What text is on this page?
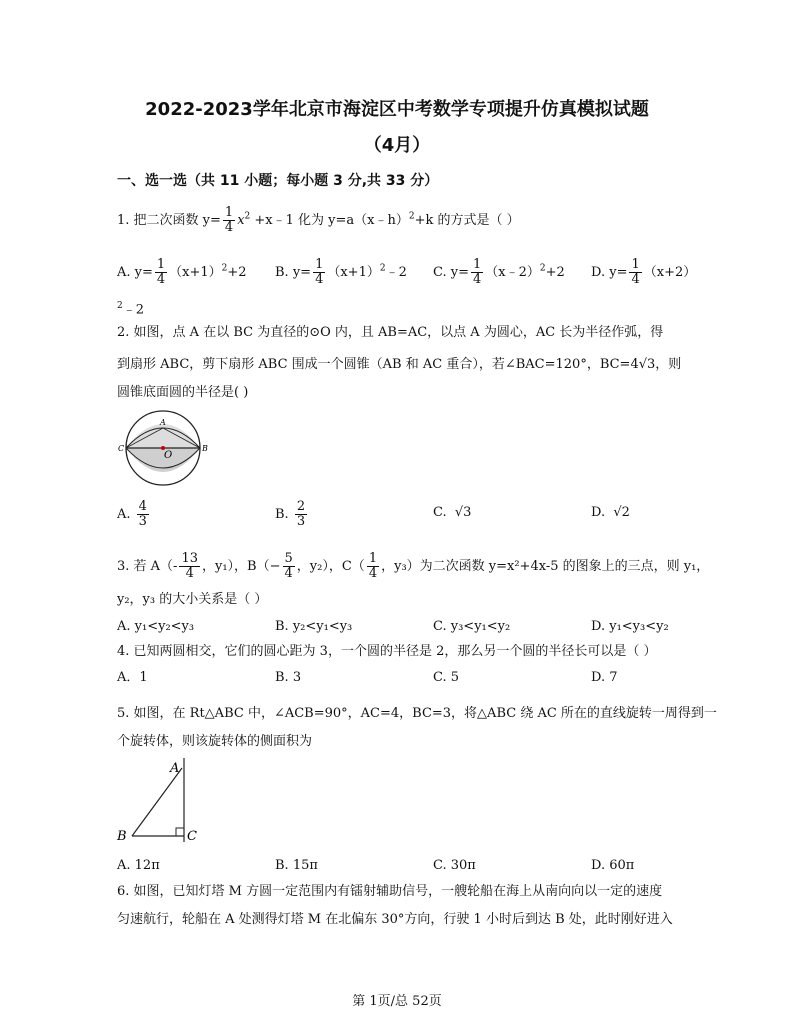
2022-2023学年北京市海淀区中考数学专项提升仿真模拟试题
（4月）
一、选一选（共 11 小题；每小题 3 分,共 33 分）
1. 把二次函数 $y= \frac{1}{4} x^2$ +x﹣1 化为 y=a（x﹣h）$^2$+k 的方式是（ ）
A. $y= \frac{1}{4} (x+1)^2+2$ B. $y= \frac{1}{4}$ $(x+1)^2﹣2$ C. $y= \frac{1}{4}$ （x﹣2）$^2$+2 D. $y= \frac{1}{4} (x+2)$
$^2$﹣2
2. 如图，点 A 在以 BC 为直径的⊙O 内，且 AB=AC，以点 A 为圆心，AC 长为半径作弧，得
到扇形 ABC，剪下扇形 ABC 围成一个圆锥（AB 和 AC 重合），若∠BAC=120°，BC=4√3，则
圆锥底面圆的半径是( )
A
C	B
O
A. $\frac{4}{3}$	B. $\frac{2}{3}$	C. √3	D. √2
3. 若 $A(- \frac{13}{4}$ ，y₁），$B(- \frac{5}{4}$ ，y₂），$C( \frac{1}{4}$ ，y₃）为二次函数 y=x²+4x-5 的图象上的三点，则 y₁，
y₂，y₃ 的大小关系是（ ）
A. y₁<y₂<y₃	B. y₂<y₁<y₃	C. y₃<y₁<y₂	D. y₁<y₃<y₂
4. 已知两圆相交，它们的圆心距为 3，一个圆的半径是 2，那么另一个圆的半径长可以是（ ）
A．1	B. 3	C. 5	D. 7
5. 如图，在 Rt△ABC 中，∠ACB=90°，AC=4，BC=3，将△ABC 绕 AC 所在的直线旋转一周得到一
个旋转体，则该旋转体的侧面积为
A
B	C
A. 12π	B. 15π	C. 30π	D. 60π
6. 如图，已知灯塔 M 方圆一定范围内有镭射辅助信号，一艘轮船在海上从南向向以一定的速度
匀速航行，轮船在 A 处测得灯塔 M 在北偏东 30°方向，行驶 1 小时后到达 B 处，此时刚好进入
第 1页/总 52页
